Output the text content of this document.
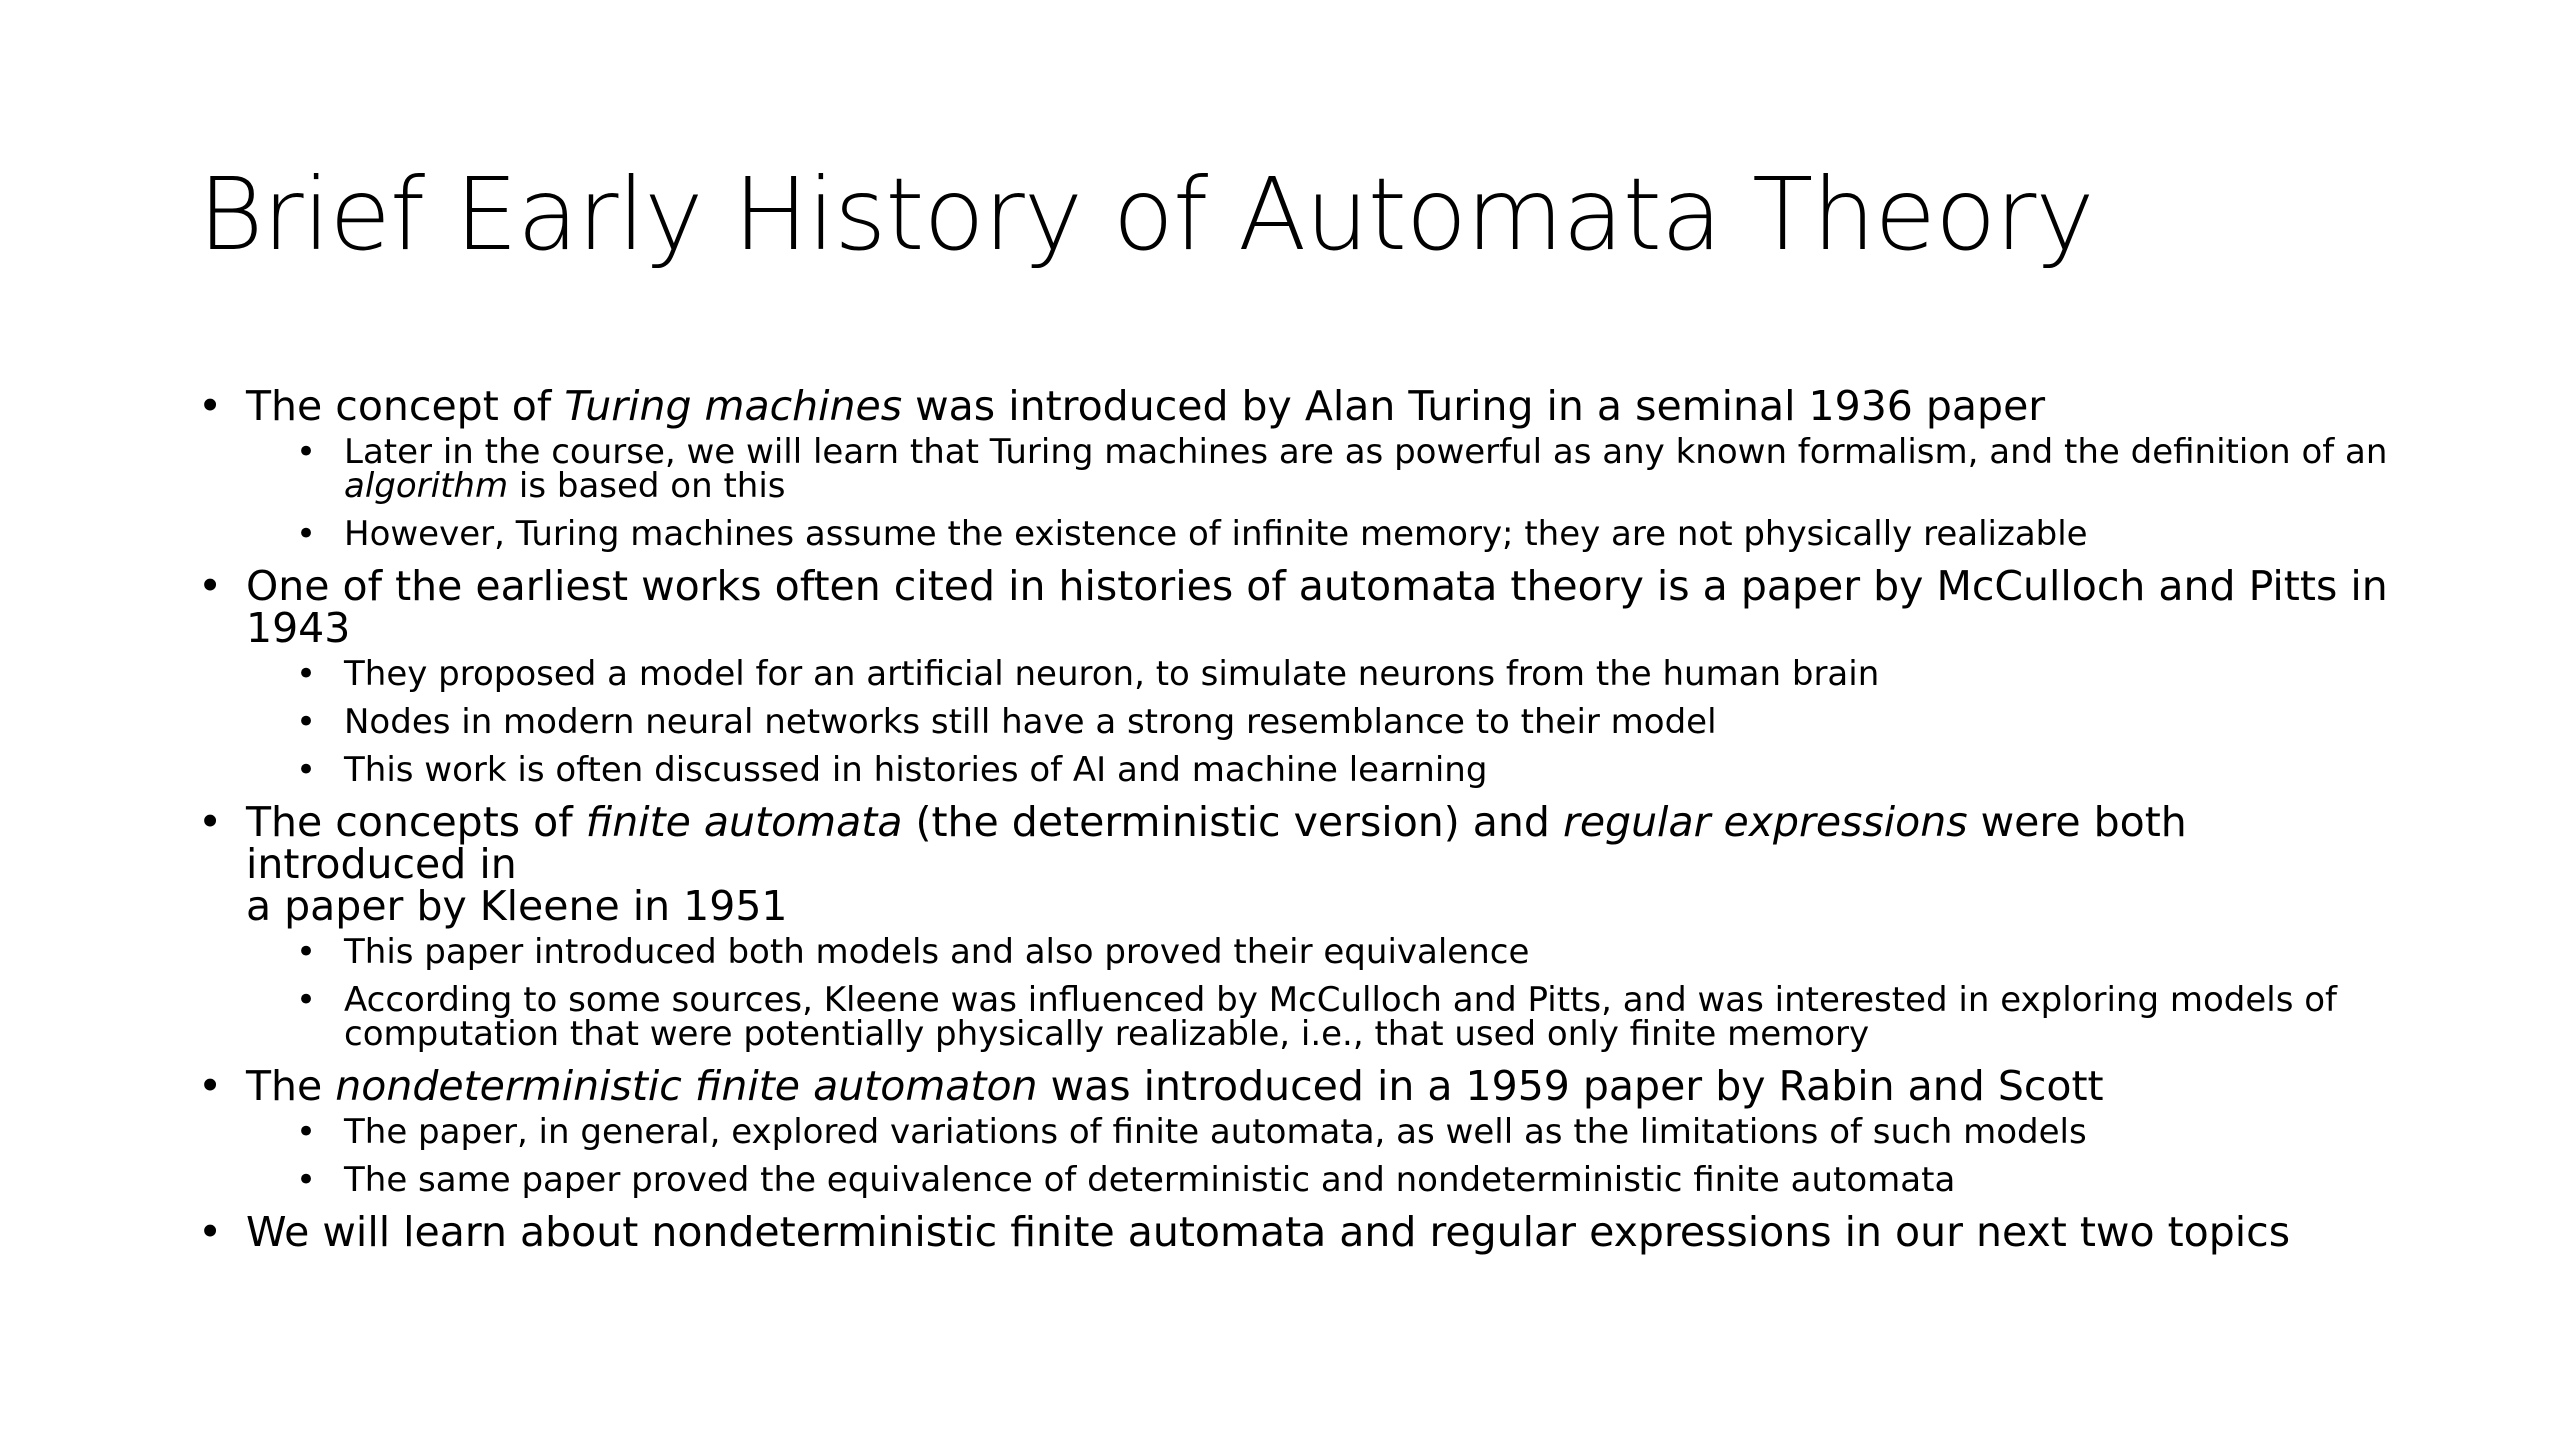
Brief Early History of Automata Theory
• The concept of Turing machines was introduced by Alan Turing in a seminal 1936 paper
• Later in the course, we will learn that Turing machines are as powerful as any known formalism, and the definition of an
algorithm is based on this
• However, Turing machines assume the existence of infinite memory; they are not physically realizable
• One of the earliest works often cited in histories of automata theory is a paper by McCulloch and Pitts in
1943
• They proposed a model for an artificial neuron, to simulate neurons from the human brain
• Nodes in modern neural networks still have a strong resemblance to their model
• This work is often discussed in histories of AI and machine learning
• The concepts of finite automata (the deterministic version) and regular expressions were both introduced in
a paper by Kleene in 1951
• This paper introduced both models and also proved their equivalence
• According to some sources, Kleene was influenced by McCulloch and Pitts, and was interested in exploring models of
computation that were potentially physically realizable, i.e., that used only finite memory
• The nondeterministic finite automaton was introduced in a 1959 paper by Rabin and Scott
• The paper, in general, explored variations of finite automata, as well as the limitations of such models
• The same paper proved the equivalence of deterministic and nondeterministic finite automata
• We will learn about nondeterministic finite automata and regular expressions in our next two topics
